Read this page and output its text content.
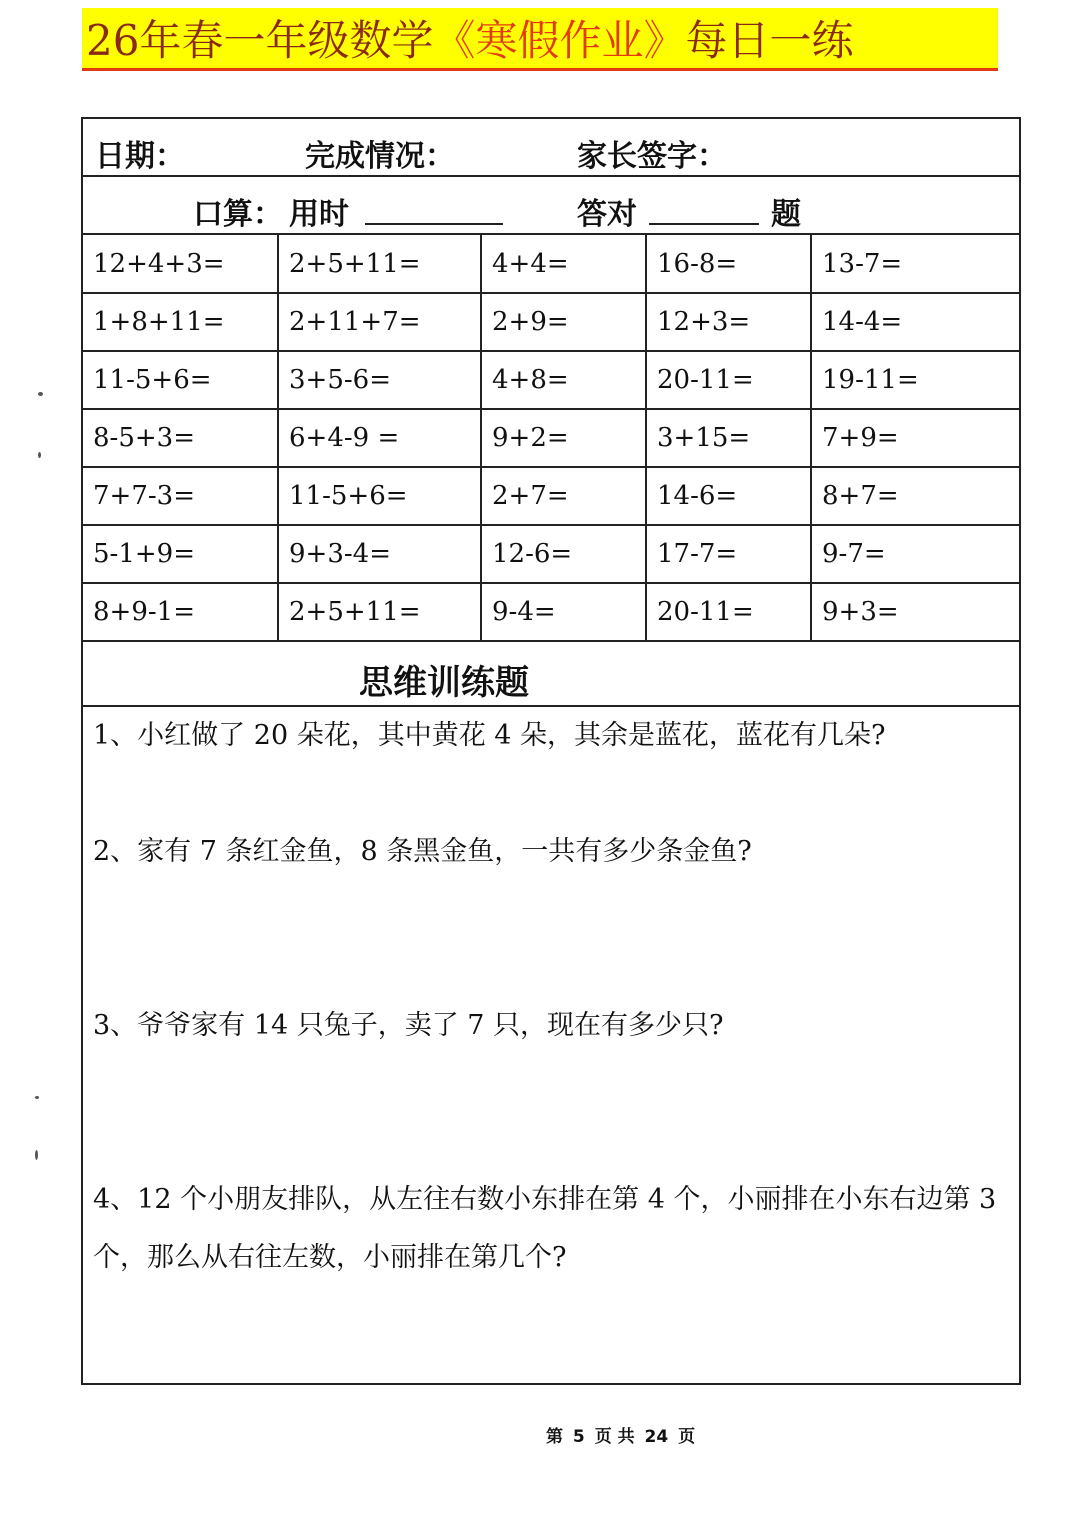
26年春一年级数学 《寒假作业》 每日一练
日期：	完成情况：	家长签字：
口算： 用时	答对	题
12+4+3=	2+5+11=	4+4=	16-8=	13-7=
1+8+11=	2+11+7=	2+9=	12+3=	14-4=
11-5+6=	3+5-6=	4+8=	20-11=	19-11=
8-5+3=	6+4-9 =	9+2=	3+15=	7+9=
7+7-3=	11-5+6=	2+7=	14-6=	8+7=
5-1+9=	9+3-4=	12-6=	17-7=	9-7=
8+9-1=	2+5+11=	9-4=	20-11=	9+3=
思维训练题
1、小红做了 20 朵花，其中黄花 4 朵，其余是蓝花，蓝花有几朵?
2、家有 7 条红金鱼，8 条黑金鱼，一共有多少条金鱼?
3、爷爷家有 14 只兔子，卖了 7 只，现在有多少只?
4、12 个小朋友排队，从左往右数小东排在第 4 个，小丽排在小东右边第 3
个，那么从右往左数，小丽排在第几个?
第 5 页 共 24 页
